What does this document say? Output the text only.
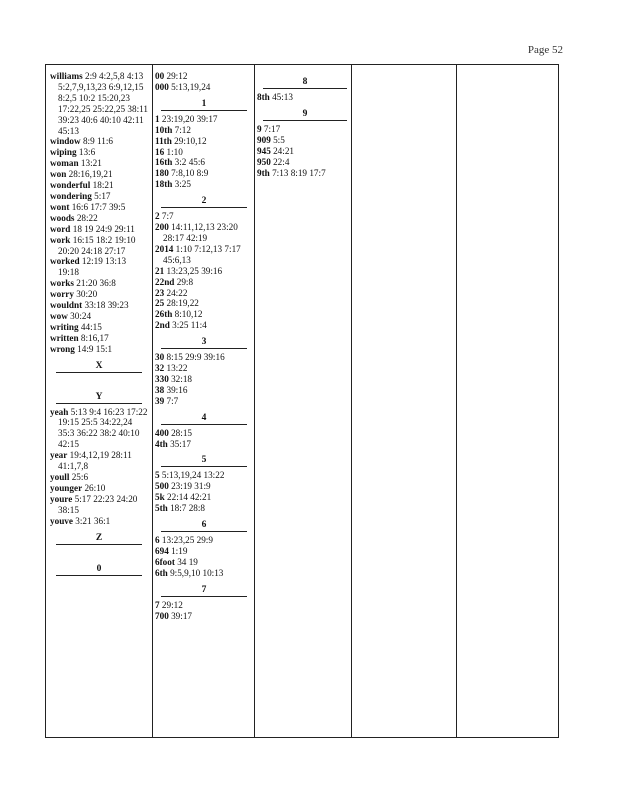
Page 52
williams 2:9 4:2,5,8 4:13 5:2,7,9,13,23 6:9,12,15 8:2,5 10:2 15:20,23 17:22,25 25:22,25 38:11 39:23 40:6 40:10 42:11 45:13
window 8:9 11:6
wiping 13:6
woman 13:21
won 28:16,19,21
wonderful 18:21
wondering 5:17
wont 16:6 17:7 39:5
woods 28:22
word 18 19 24:9 29:11
work 16:15 18:2 19:10 20:20 24:18 27:17
worked 12:19 13:13 19:18
works 21:20 36:8
worry 30:20
wouldnt 33:18 39:23
wow 30:24
writing 44:15
written 8:16,17
wrong 14:9 15:1
X
Y
yeah 5:13 9:4 16:23 17:22 19:15 25:5 34:22,24 35:3 36:22 38:2 40:10 42:15
year 19:4,12,19 28:11 41:1,7,8
youll 25:6
younger 26:10
youre 5:17 22:23 24:20 38:15
youve 3:21 36:1
Z
0
00 29:12
000 5:13,19,24
1
1 23:19,20 39:17
10th 7:12
11th 29:10,12
16 1:10
16th 3:2 45:6
180 7:8,10 8:9
18th 3:25
2
2 7:7
200 14:11,12,13 23:20 28:17 42:19
2014 1:10 7:12,13 7:17 45:6,13
21 13:23,25 39:16
22nd 29:8
23 24:22
25 28:19,22
26th 8:10,12
2nd 3:25 11:4
3
30 8:15 29:9 39:16
32 13:22
330 32:18
38 39:16
39 7:7
4
400 28:15
4th 35:17
5
5 5:13,19,24 13:22
500 23:19 31:9
5k 22:14 42:21
5th 18:7 28:8
6
6 13:23,25 29:9
694 1:19
6foot 34 19
6th 9:5,9,10 10:13
7
7 29:12
700 39:17
8
8th 45:13
9
9 7:17
909 5:5
945 24:21
950 22:4
9th 7:13 8:19 17:7
